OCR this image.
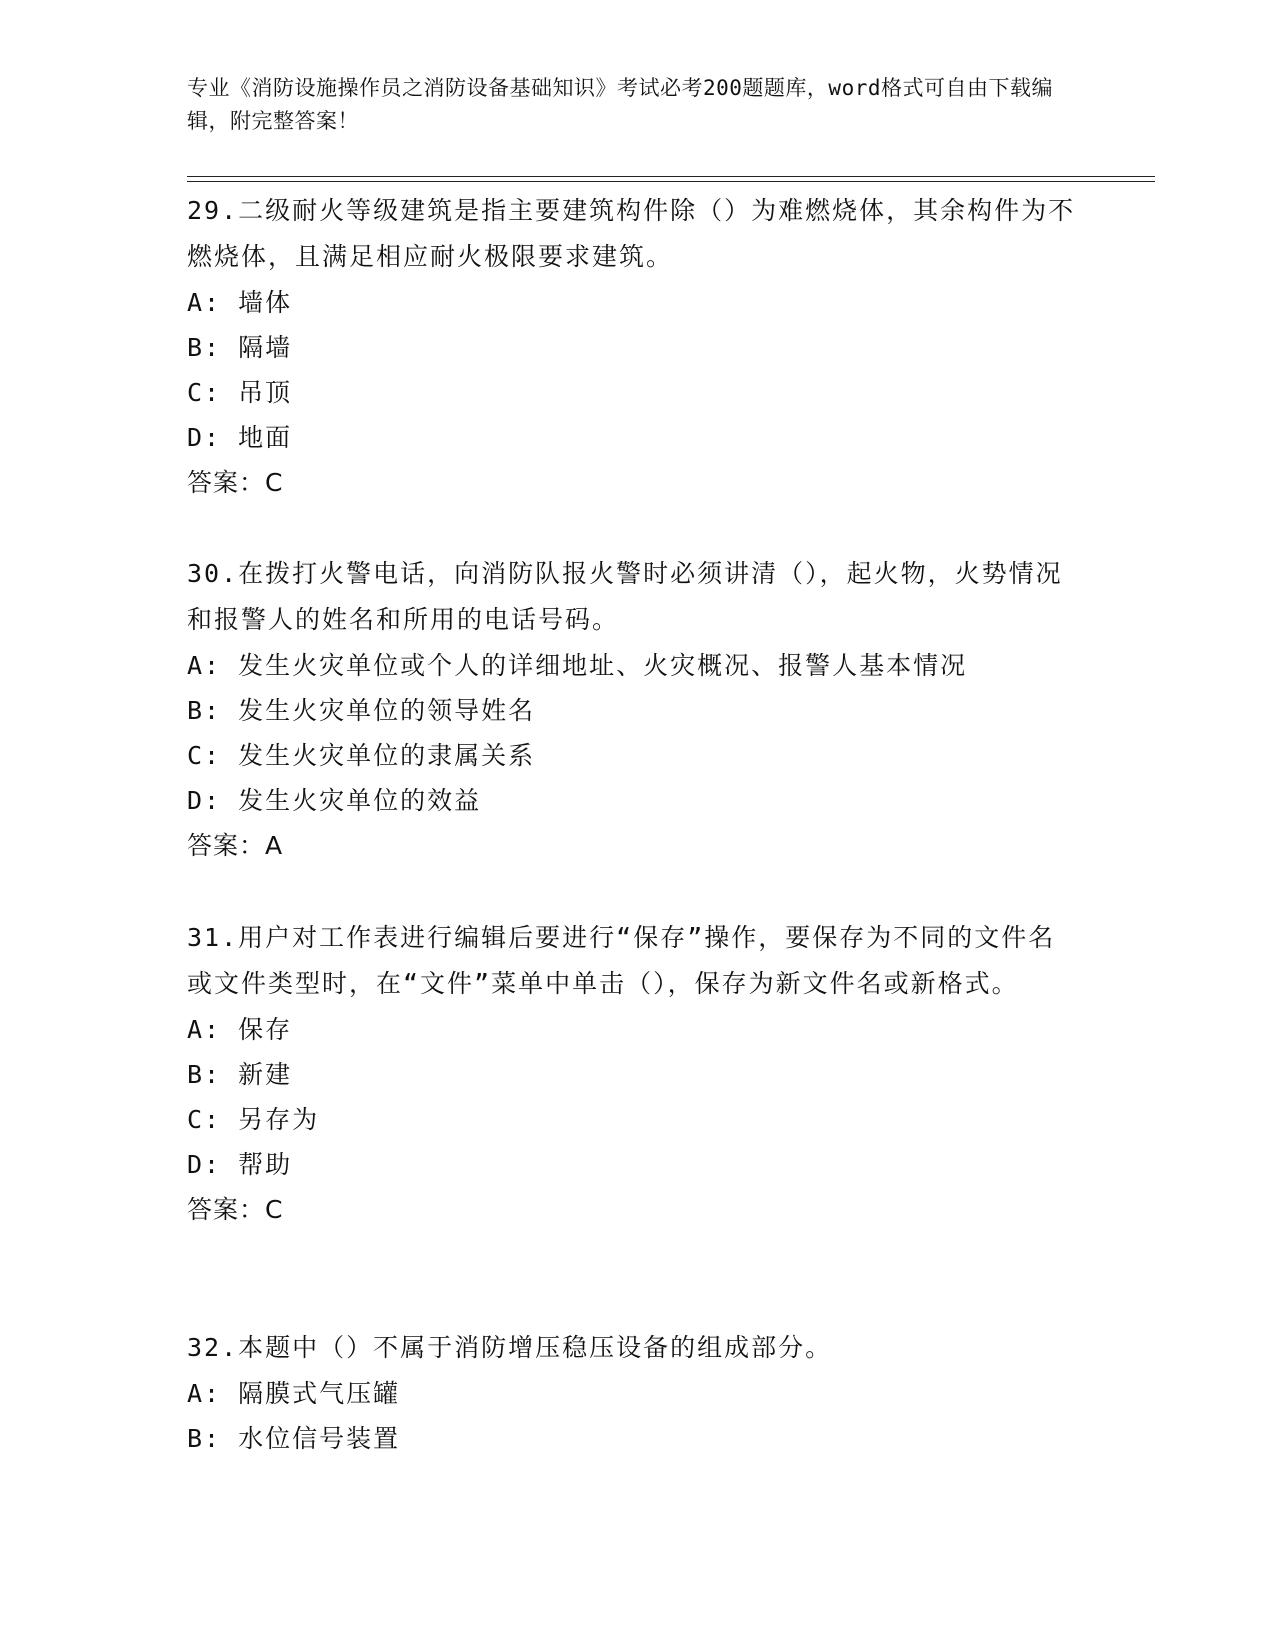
专业《消防设施操作员之消防设备基础知识》考试必考200题题库，word格式可自由下载编辑，附完整答案！
29.二级耐火等级建筑是指主要建筑构件除（）为难燃烧体，其余构件为不燃烧体，且满足相应耐火极限要求建筑。
A: 墙体
B: 隔墙
C: 吊顶
D: 地面
答案：C
30.在拨打火警电话，向消防队报火警时必须讲清（），起火物，火势情况和报警人的姓名和所用的电话号码。
A: 发生火灾单位或个人的详细地址、火灾概况、报警人基本情况
B: 发生火灾单位的领导姓名
C: 发生火灾单位的隶属关系
D: 发生火灾单位的效益
答案：A
31.用户对工作表进行编辑后要进行“保存”操作，要保存为不同的文件名或文件类型时，在“文件”菜单中单击（），保存为新文件名或新格式。
A: 保存
B: 新建
C: 另存为
D: 帮助
答案：C
32.本题中（）不属于消防增压稳压设备的组成部分。
A: 隔膜式气压罐
B: 水位信号装置
